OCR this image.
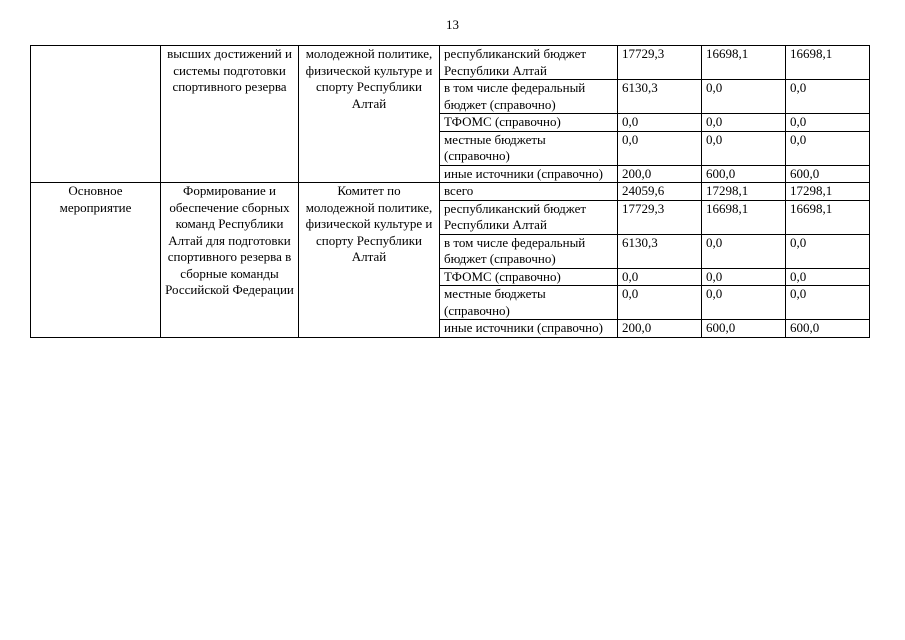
13
	высших достижений и системы подготовки спортивного резерва	молодежной политике, физической культуре и спорту Республики Алтай	республиканский бюджет Республики Алтай	17729,3	16698,1	16698,1
			в том числе федеральный бюджет (справочно)	6130,3	0,0	0,0
			ТФОМС (справочно)	0,0	0,0	0,0
			местные бюджеты (справочно)	0,0	0,0	0,0
			иные источники (справочно)	200,0	600,0	600,0
Основное мероприятие	Формирование и обеспечение сборных команд Республики Алтай для подготовки спортивного резерва в сборные команды Российской Федерации	Комитет по молодежной политике, физической культуре и спорту Республики Алтай	всего	24059,6	17298,1	17298,1
			республиканский бюджет Республики Алтай	17729,3	16698,1	16698,1
			в том числе федеральный бюджет (справочно)	6130,3	0,0	0,0
			ТФОМС (справочно)	0,0	0,0	0,0
			местные бюджеты (справочно)	0,0	0,0	0,0
			иные источники (справочно)	200,0	600,0	600,0
